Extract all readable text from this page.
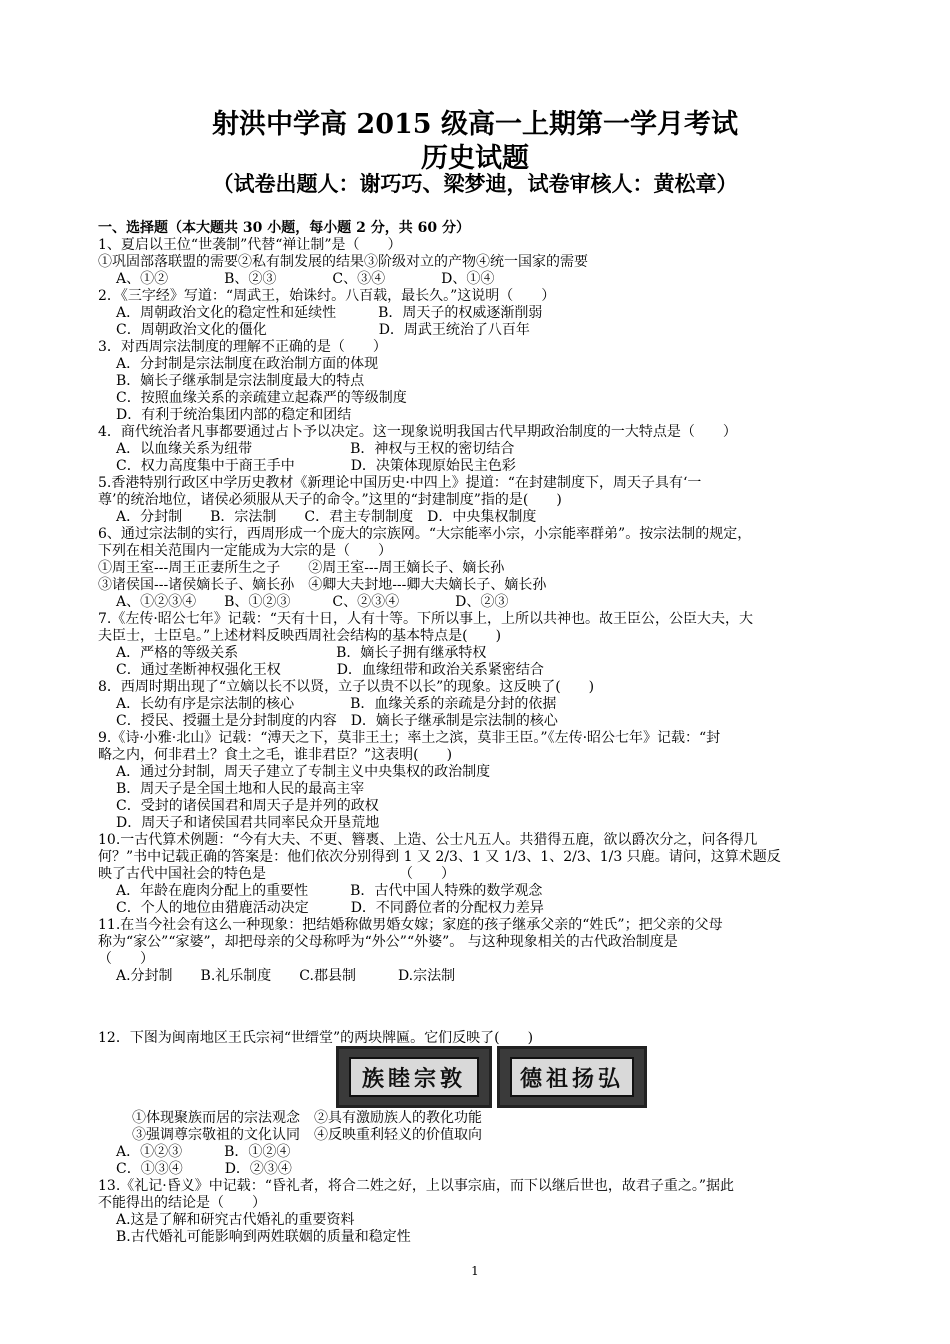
射洪中学高 2015 级高一上期第一学月考试
历史试题
（试卷出题人：谢巧巧、梁梦迪，试卷审核人：黄松章）
一、选择题（本大题共 30 小题，每小题 2 分，共 60 分）
1、夏启以王位“世袭制”代替“禅让制”是（　　）
①巩固部落联盟的需要②私有制发展的结果③阶级对立的产物④统一国家的需要
A、①②　　　　B、②③　　　　C、③④　　　　D、①④
2．《三字经》写道：“周武王，始诛纣。八百载，最长久。”这说明（　　）
A．周朝政治文化的稳定性和延续性　　　B．周天子的权威逐渐削弱
C．周朝政治文化的僵化　　　　　　　　D．周武王统治了八百年
3．对西周宗法制度的理解不正确的是（　　）
A．分封制是宗法制度在政治制方面的体现
B．嫡长子继承制是宗法制度最大的特点
C．按照血缘关系的亲疏建立起森严的等级制度
D．有利于统治集团内部的稳定和团结
4．商代统治者凡事都要通过占卜予以决定。这一现象说明我国古代早期政治制度的一大特点是（　　）
A．以血缘关系为纽带　　　　　　　B．神权与王权的密切结合
C．权力高度集中于商王手中　　　　D．决策体现原始民主色彩
5.香港特别行政区中学历史教材《新理论中国历史·中四上》提道：“在封建制度下，周天子具有‘一
尊’的统治地位，诸侯必须服从天子的命令。”这里的“封建制度”指的是(　　)
A．分封制　　B．宗法制　　C．君主专制制度　D．中央集权制度
6、通过宗法制的实行，西周形成一个庞大的宗族网。“大宗能率小宗，小宗能率群弟”。按宗法制的规定，
下列在相关范围内一定能成为大宗的是（　　）
①周王室---周王正妻所生之子　　②周王室---周王嫡长子、嫡长孙
③诸侯国---诸侯嫡长子、嫡长孙　④卿大夫封地---卿大夫嫡长子、嫡长孙
A、①②③④　　B、①②③　　　C、②③④　　　　D、②③
7.《左传·昭公七年》记载：“天有十日，人有十等。下所以事上，上所以共神也。故王臣公，公臣大夫，大
夫臣士，士臣皂。”上述材料反映西周社会结构的基本特点是(　　)
A．严格的等级关系　　　　　　　B．嫡长子拥有继承特权
C．通过垄断神权强化王权　　　　D．血缘纽带和政治关系紧密结合
8．西周时期出现了“立嫡以长不以贤，立子以贵不以长”的现象。这反映了(　　)
A．长幼有序是宗法制的核心　　　　B．血缘关系的亲疏是分封的依据
C．授民、授疆土是分封制度的内容　D．嫡长子继承制是宗法制的核心
9.《诗·小雅·北山》记载：“溥天之下，莫非王土；率土之滨，莫非王臣。”《左传·昭公七年》记载：“封
略之内，何非君土？食土之毛，谁非君臣？”这表明(　　)
A．通过分封制，周天子建立了专制主义中央集权的政治制度
B．周天子是全国土地和人民的最高主宰
C．受封的诸侯国君和周天子是并列的政权
D．周天子和诸侯国君共同率民众开垦荒地
10.一古代算术例题：“今有大夫、不更、簪褭、上造、公士凡五人。共猎得五鹿，欲以爵次分之，问各得几
何？”书中记载正确的答案是：他们依次分别得到 1 又 2/3、1 又 1/3、1、2/3、1/3 只鹿。请问，这算术题反
映了古代中国社会的特色是　　　　　　　　　　（　　）
A．年龄在鹿肉分配上的重要性　　　B．古代中国人特殊的数学观念
C．个人的地位由猎鹿活动决定　　　D．不同爵位者的分配权力差异
11.在当今社会有这么一种现象：把结婚称做男婚女嫁；家庭的孩子继承父亲的“姓氏”；把父亲的父母
称为“家公”“家婆”，却把母亲的父母称呼为“外公”“外婆”。 与这种现象相关的古代政治制度是
（　　）
A.分封制　　B.礼乐制度　　C.郡县制　　　D.宗法制
12．下图为闽南地区王氏宗祠“世缙堂”的两块牌匾。它们反映了(　　)
①体现聚族而居的宗法观念　②具有激励族人的教化功能
③强调尊宗敬祖的文化认同　④反映重利轻义的价值取向
A．①②③　　　B．①②④
C．①③④　　　D．②③④
13.《礼记·昏义》中记载：“昏礼者，将合二姓之好，上以事宗庙，而下以继后世也，故君子重之。”据此
不能得出的结论是（　　）
A.这是了解和研究古代婚礼的重要资料
B.古代婚礼可能影响到两姓联姻的质量和稳定性
族睦宗敦	德祖扬弘
1
